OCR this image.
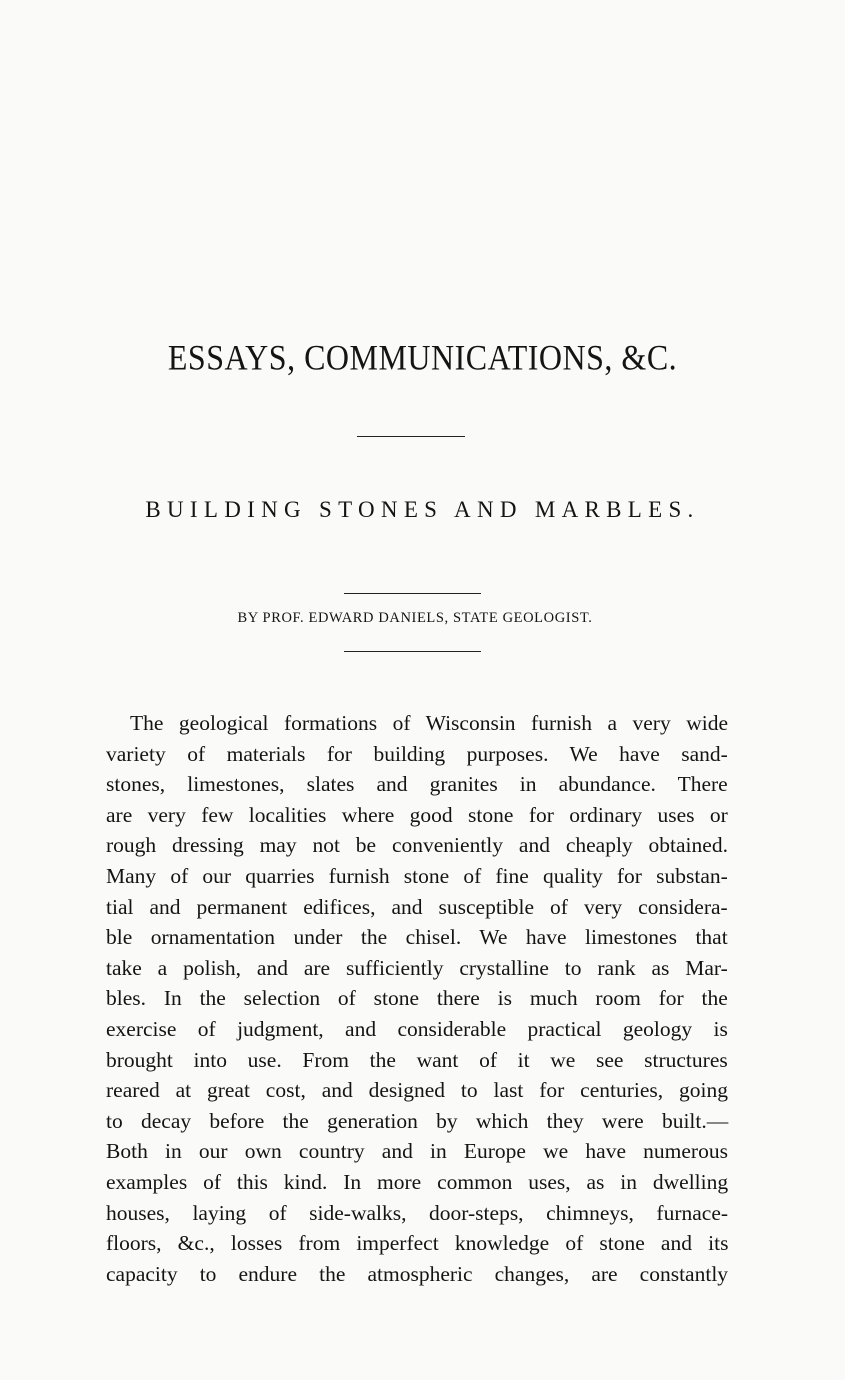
ESSAYS, COMMUNICATIONS, &C.
BUILDING STONES AND MARBLES.

BY PROF. EDWARD DANIELS, STATE GEOLOGIST.

The geological formations of Wisconsin furnish a very wide
variety of materials for building purposes. We have sand-
stones, limestones, slates and granites in abundance. There
are very few localities where good stone for ordinary uses or
rough dressing may not be conveniently and cheaply obtained.
Many of our quarries furnish stone of fine quality for substan-
tial and permanent edifices, and susceptible of very considera-
ble ornamentation under the chisel. We have limestones that
take a polish, and are sufficiently crystalline to rank as Mar-
bles. In the selection of stone there is much room for the
exercise of judgment, and considerable practical geology is
brought into use. From the want of it we see structures
reared at great cost, and designed to last for centuries, going
to decay before the generation by which they were built.—
Both in our own country and in Europe we have numerous
examples of this kind. In more common uses, as in dwelling
houses, laying of side-walks, door-steps, chimneys, furnace-
floors, &c., losses from imperfect knowledge of stone and its
capacity to endure the atmospheric changes, are constantly
